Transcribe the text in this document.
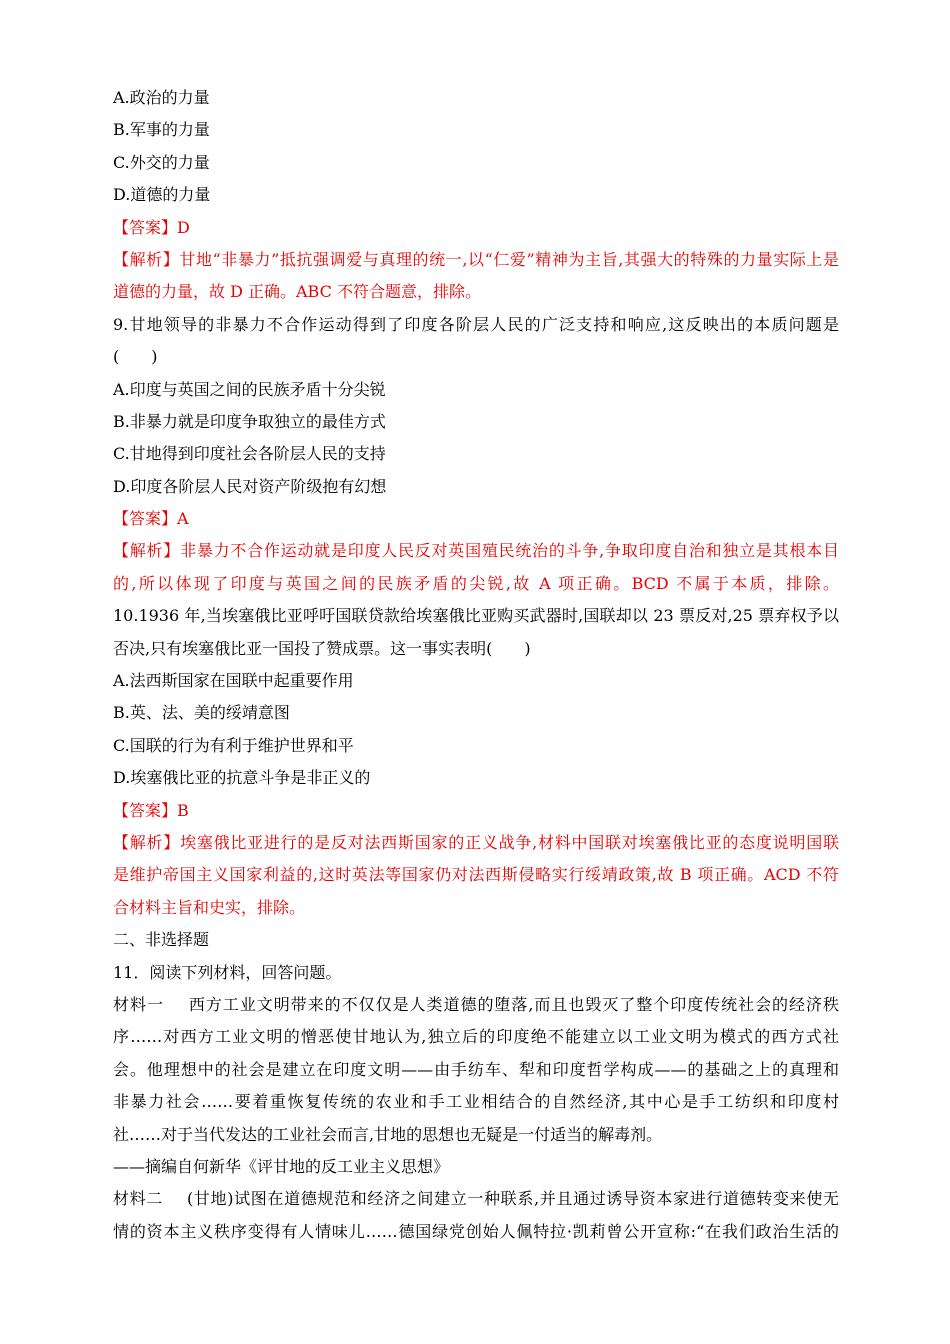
A.政治的力量
B.军事的力量
C.外交的力量
D.道德的力量
【答案】D
【解析】甘地“非暴力”抵抗强调爱与真理的统一,以“仁爱”精神为主旨,其强大的特殊的力量实际上是
道德的力量，故 D 正确。ABC 不符合题意，排除。
9.甘地领导的非暴力不合作运动得到了印度各阶层人民的广泛支持和响应,这反映出的本质问题是
(　　)
A.印度与英国之间的民族矛盾十分尖锐
B.非暴力就是印度争取独立的最佳方式
C.甘地得到印度社会各阶层人民的支持
D.印度各阶层人民对资产阶级抱有幻想
【答案】A
【解析】非暴力不合作运动就是印度人民反对英国殖民统治的斗争,争取印度自治和独立是其根本目
的,所以体现了印度与英国之间的民族矛盾的尖锐,故 A 项正确。BCD 不属于本质，排除。
10.1936 年,当埃塞俄比亚呼吁国联贷款给埃塞俄比亚购买武器时,国联却以 23 票反对,25 票弃权予以
否决,只有埃塞俄比亚一国投了赞成票。这一事实表明(　　)
A.法西斯国家在国联中起重要作用
B.英、法、美的绥靖意图
C.国联的行为有利于维护世界和平
D.埃塞俄比亚的抗意斗争是非正义的
【答案】B
【解析】埃塞俄比亚进行的是反对法西斯国家的正义战争,材料中国联对埃塞俄比亚的态度说明国联
是维护帝国主义国家利益的,这时英法等国家仍对法西斯侵略实行绥靖政策,故 B 项正确。ACD 不符
合材料主旨和史实，排除。
二、非选择题
11．阅读下列材料，回答问题。
材料一 西方工业文明带来的不仅仅是人类道德的堕落,而且也毁灭了整个印度传统社会的经济秩
序……对西方工业文明的憎恶使甘地认为,独立后的印度绝不能建立以工业文明为模式的西方式社
会。他理想中的社会是建立在印度文明——由手纺车、犁和印度哲学构成——的基础之上的真理和
非暴力社会……要着重恢复传统的农业和手工业相结合的自然经济,其中心是手工纺织和印度村
社……对于当代发达的工业社会而言,甘地的思想也无疑是一付适当的解毒剂。
——摘编自何新华《评甘地的反工业主义思想》
材料二 (甘地)试图在道德规范和经济之间建立一种联系,并且通过诱导资本家进行道德转变来使无
情的资本主义秩序变得有人情味儿……德国绿党创始人佩特拉·凯莉曾公开宣称:“在我们政治生活的
